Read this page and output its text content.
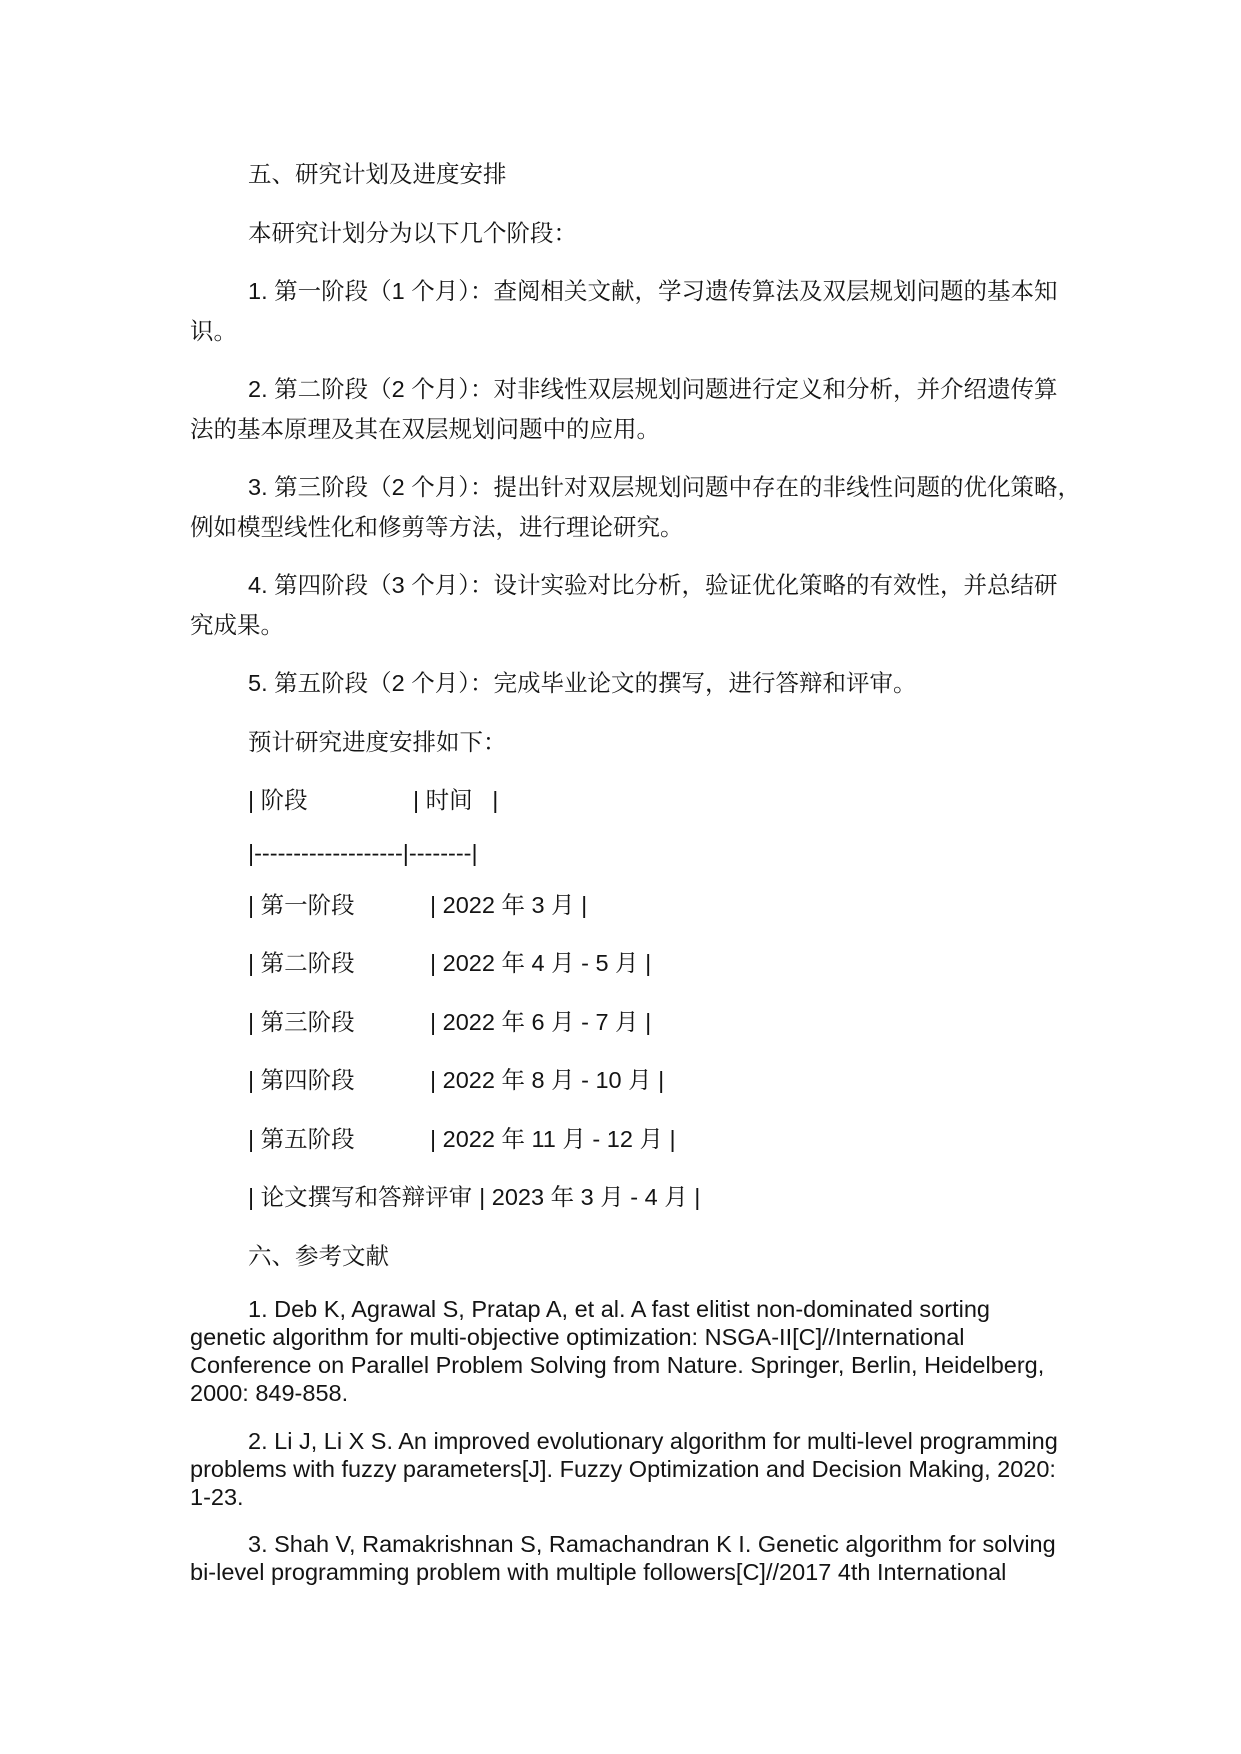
五、研究计划及进度安排
本研究计划分为以下几个阶段：
1. 第一阶段（1 个月）：查阅相关文献，学习遗传算法及双层规划问题的基本知
识。
2. 第二阶段（2 个月）：对非线性双层规划问题进行定义和分析，并介绍遗传算
法的基本原理及其在双层规划问题中的应用。
3. 第三阶段（2 个月）：提出针对双层规划问题中存在的非线性问题的优化策略，
例如模型线性化和修剪等方法，进行理论研究。
4. 第四阶段（3 个月）：设计实验对比分析，验证优化策略的有效性，并总结研
究成果。
5. 第五阶段（2 个月）：完成毕业论文的撰写，进行答辩和评审。
预计研究进度安排如下：
| 阶段	| 时间   |
|-------------------|--------|
| 第一阶段	| 2022 年 3 月 |
| 第二阶段	| 2022 年 4 月 - 5 月 |
| 第三阶段	| 2022 年 6 月 - 7 月 |
| 第四阶段	| 2022 年 8 月 - 10 月 |
| 第五阶段	| 2022 年 11 月 - 12 月 |
| 论文撰写和答辩评审 | 2023 年 3 月 - 4 月 |
六、参考文献
1. Deb K, Agrawal S, Pratap A, et al. A fast elitist non-dominated sorting
genetic algorithm for multi-objective optimization: NSGA-II[C]//International
Conference on Parallel Problem Solving from Nature. Springer, Berlin, Heidelberg,
2000: 849-858.
2. Li J, Li X S. An improved evolutionary algorithm for multi-level programming
problems with fuzzy parameters[J]. Fuzzy Optimization and Decision Making, 2020:
1-23.
3. Shah V, Ramakrishnan S, Ramachandran K I. Genetic algorithm for solving
bi-level programming problem with multiple followers[C]//2017 4th International
